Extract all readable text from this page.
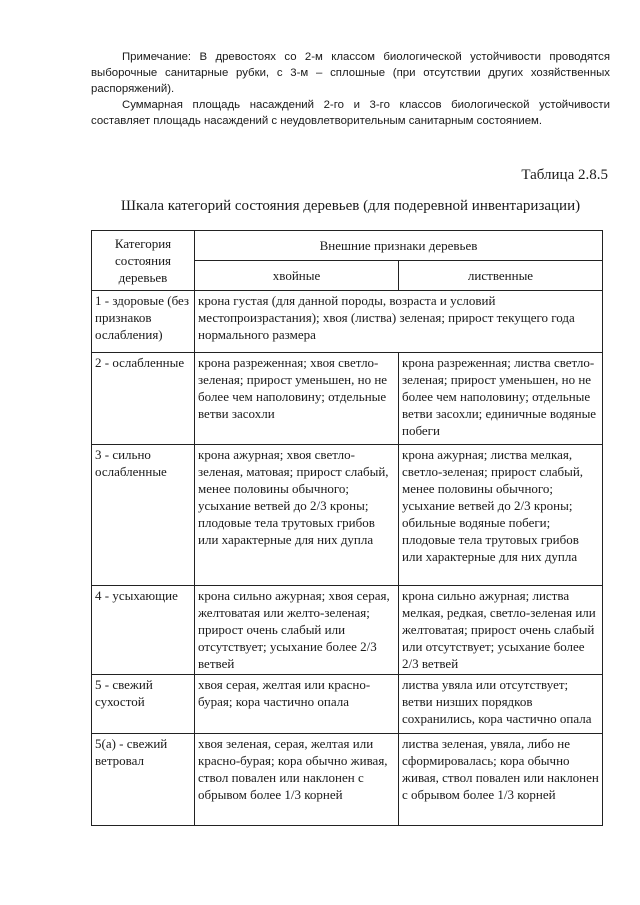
Примечание: В древостоях со 2-м классом биологической устойчивости проводятся выборочные санитарные рубки, с 3-м – сплошные (при отсутствии других хозяйственных распоряжений).

Суммарная площадь насаждений 2-го и 3-го классов биологической устойчивости составляет площадь насаждений с неудовлетворительным санитарным состоянием.

Таблица 2.8.5
Шкала категорий состояния деревьев (для подеревной инвентаризации)
Категория состояния деревьев	Внешние признаки деревьев	
	хвойные	лиственные
1 - здоровые (без признаков ослабления)	крона густая (для данной породы, возраста и условий местопроизрастания); хвоя (листва) зеленая; прирост текущего года нормального размера	
2 - ослабленные	крона разреженная; хвоя светло-зеленая; прирост уменьшен, но не более чем наполовину; отдельные ветви засохли	крона разреженная; листва светло-зеленая; прирост уменьшен, но не более чем наполовину; отдельные ветви засохли; единичные водяные побеги
3 - сильно ослабленные	крона ажурная; хвоя светло-зеленая, матовая; прирост слабый, менее половины обычного; усыхание ветвей до 2/3 кроны; плодовые тела трутовых грибов или характерные для них дупла	крона ажурная; листва мелкая, светло-зеленая; прирост слабый, менее половины обычного; усыхание ветвей до 2/3 кроны; обильные водяные побеги; плодовые тела трутовых грибов или характерные для них дупла
4 - усыхающие	крона сильно ажурная; хвоя серая, желтоватая или желто-зеленая; прирост очень слабый или отсутствует; усыхание более 2/3 ветвей	крона сильно ажурная; листва мелкая, редкая, светло-зеленая или желтоватая; прирост очень слабый или отсутствует; усыхание более 2/3 ветвей
5 - свежий сухостой	хвоя серая, желтая или красно-бурая; кора частично опала	листва увяла или отсутствует; ветви низших порядков сохранились, кора частично опала
5(а) - свежий ветровал	хвоя зеленая, серая, желтая или красно-бурая; кора обычно живая, ствол повален или наклонен с обрывом более 1/3 корней	листва зеленая, увяла, либо не сформировалась; кора обычно живая, ствол повален или наклонен с обрывом более 1/3 корней
